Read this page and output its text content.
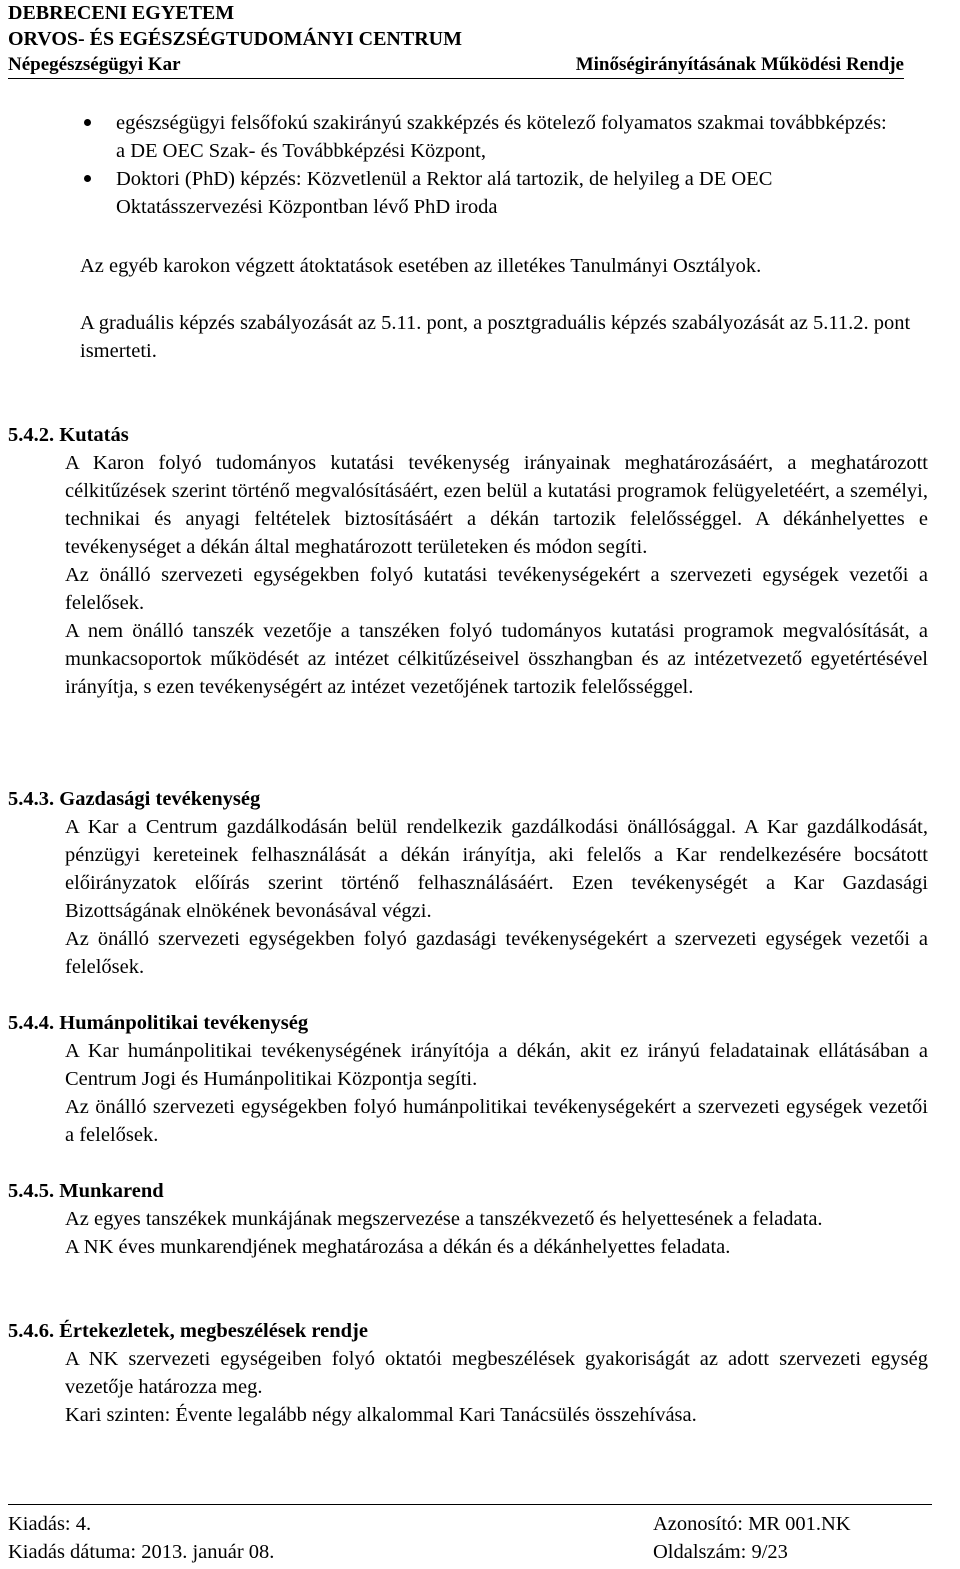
DEBRECENI EGYETEM
ORVOS- ÉS EGÉSZSÉGTUDOMÁNYI CENTRUM
Népegészségügyi Kar	Minőségirányításának Működési Rendje
egészségügyi felsőfokú szakirányú szakképzés és kötelező folyamatos szakmai továbbképzés: a DE OEC Szak- és Továbbképzési Központ,
Doktori (PhD) képzés: Közvetlenül a Rektor alá tartozik, de helyileg a DE OEC Oktatásszervezési Központban lévő PhD iroda
Az egyéb karokon végzett átoktatások esetében az illetékes Tanulmányi Osztályok.
A graduális képzés szabályozását az 5.11. pont, a posztgraduális képzés szabályozását az 5.11.2. pont ismerteti.
5.4.2. Kutatás

A Karon folyó tudományos kutatási tevékenység irányainak meghatározásáért, a meghatározott célkitűzések szerint történő megvalósításáért, ezen belül a kutatási programok felügyeletéért, a személyi, technikai és anyagi feltételek biztosításáért a dékán tartozik felelősséggel. A dékánhelyettes e tevékenységet a dékán által meghatározott területeken és módon segíti.

Az önálló szervezeti egységekben folyó kutatási tevékenységekért a szervezeti egységek vezetői a felelősek.

A nem önálló tanszék vezetője a tanszéken folyó tudományos kutatási programok megvalósítását, a munkacsoportok működését az intézet célkitűzéseivel összhangban és az intézetvezető egyetértésével irányítja, s ezen tevékenységért az intézet vezetőjének tartozik felelősséggel.

5.4.3. Gazdasági tevékenység

A Kar a Centrum gazdálkodásán belül rendelkezik gazdálkodási önállósággal. A Kar gazdálkodását, pénzügyi kereteinek felhasználását a dékán irányítja, aki felelős a Kar rendelkezésére bocsátott előirányzatok előírás szerint történő felhasználásáért. Ezen tevékenységét a Kar Gazdasági Bizottságának elnökének bevonásával végzi.

Az önálló szervezeti egységekben folyó gazdasági tevékenységekért a szervezeti egységek vezetői a felelősek.

5.4.4. Humánpolitikai tevékenység

A Kar humánpolitikai tevékenységének irányítója a dékán, akit ez irányú feladatainak ellátásában a Centrum Jogi és Humánpolitikai Központja segíti.

Az önálló szervezeti egységekben folyó humánpolitikai tevékenységekért a szervezeti egységek vezetői a felelősek.

5.4.5. Munkarend

Az egyes tanszékek munkájának megszervezése a tanszékvezető és helyettesének a feladata.

A NK éves munkarendjének meghatározása a dékán és a dékánhelyettes feladata.

5.4.6. Értekezletek, megbeszélések rendje

A NK szervezeti egységeiben folyó oktatói megbeszélések gyakoriságát az adott szervezeti egység vezetője határozza meg.

Kari szinten: Évente legalább négy alkalommal Kari Tanácsülés összehívása.

Kiadás: 4.	Azonosító: MR 001.NK
Kiadás dátuma: 2013. január 08.	Oldalszám: 9/23
